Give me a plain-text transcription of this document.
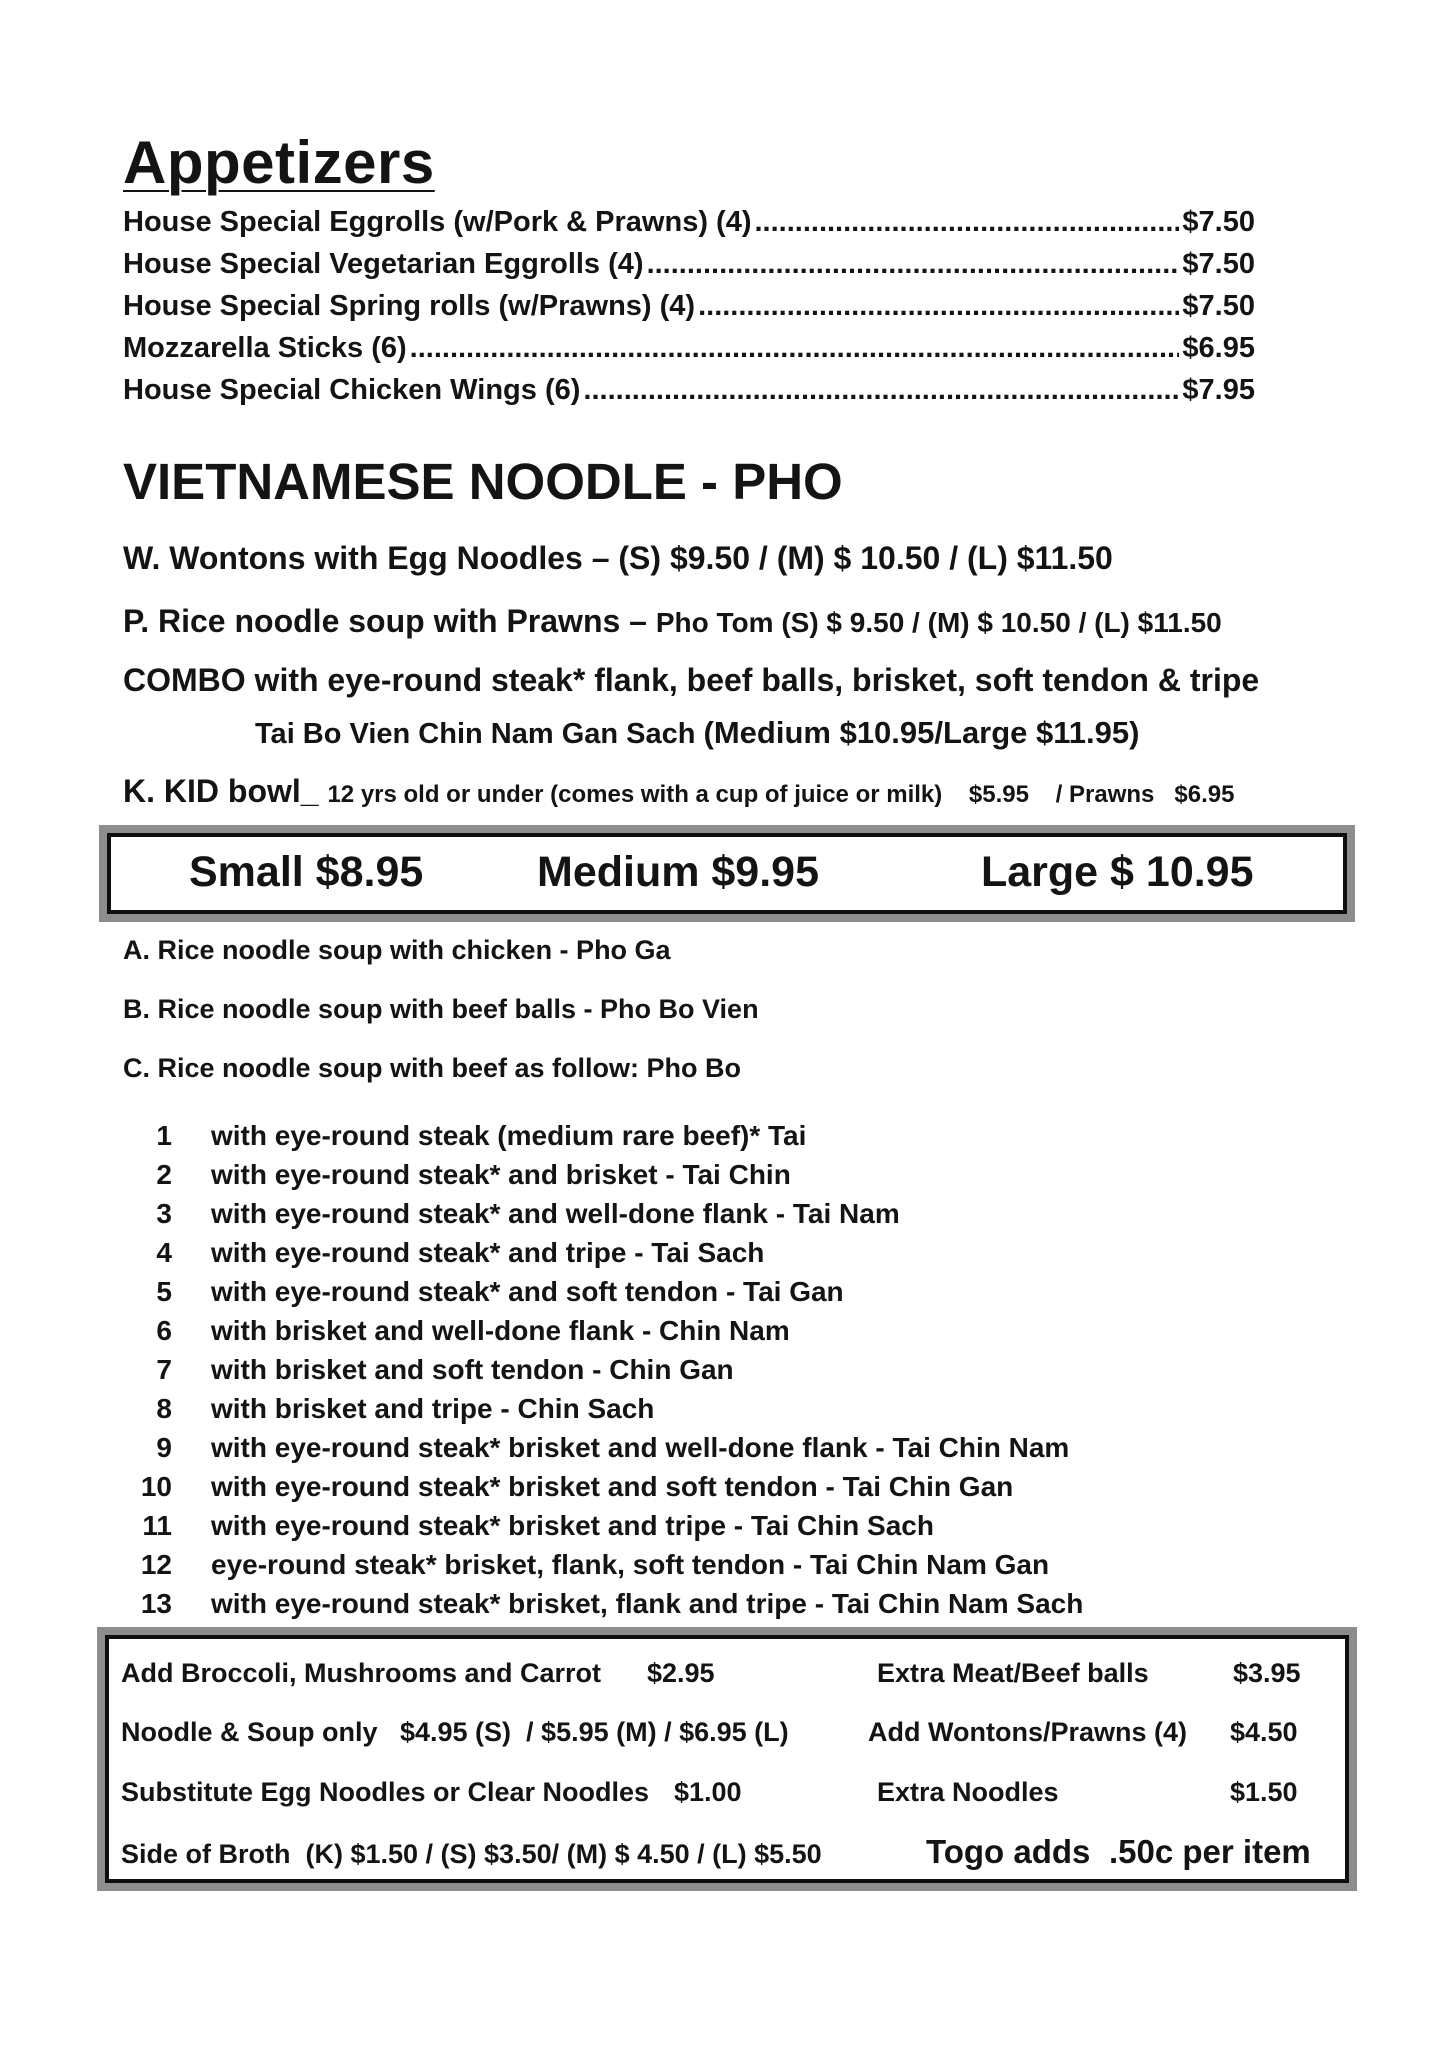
Appetizers
House Special Eggrolls (w/Pork & Prawns) (4) .....	$7.50
House Special Vegetarian Eggrolls (4) .....	$7.50
House Special Spring rolls (w/Prawns) (4) .....	$7.50
Mozzarella Sticks (6) .....	$6.95
House Special Chicken Wings (6) .....	$7.95
VIETNAMESE NOODLE - PHO
W. Wontons with Egg Noodles – (S) $9.50 / (M) $ 10.50 / (L) $11.50
P. Rice noodle soup with Prawns – Pho Tom (S) $ 9.50 / (M) $ 10.50 / (L) $11.50
COMBO with eye-round steak* flank, beef balls, brisket, soft tendon & tripe
Tai Bo Vien Chin Nam Gan Sach (Medium $10.95/Large $11.95)
K. KID bowl_ 12 yrs old or under (comes with a cup of juice or milk)    $5.95    / Prawns   $6.95
Small $8.95	Medium $9.95	Large $ 10.95
A. Rice noodle soup with chicken - Pho Ga
B. Rice noodle soup with beef balls - Pho Bo Vien
C. Rice noodle soup with beef as follow: Pho Bo
1 with eye-round steak (medium rare beef)* Tai
2 with eye-round steak* and brisket - Tai Chin
3 with eye-round steak* and well-done flank - Tai Nam
4 with eye-round steak* and tripe - Tai Sach
5 with eye-round steak* and soft tendon - Tai Gan
6 with brisket and well-done flank - Chin Nam
7 with brisket and soft tendon - Chin Gan
8 with brisket and tripe - Chin Sach
9 with eye-round steak* brisket and well-done flank - Tai Chin Nam
10 with eye-round steak* brisket and soft tendon - Tai Chin Gan
11 with eye-round steak* brisket and tripe - Tai Chin Sach
12 eye-round steak* brisket, flank, soft tendon - Tai Chin Nam Gan
13 with eye-round steak* brisket, flank and tripe - Tai Chin Nam Sach
Add Broccoli, Mushrooms and Carrot $2.95	Extra Meat/Beef balls	$3.95
Noodle & Soup only   $4.95 (S)  / $5.95 (M) / $6.95 (L)	Add Wontons/Prawns (4) $4.50
Substitute Egg Noodles or Clear Noodles $1.00	Extra Noodles	$1.50
Side of Broth  (K) $1.50 / (S) $3.50/ (M) $ 4.50 / (L) $5.50	Togo adds .50c per item
